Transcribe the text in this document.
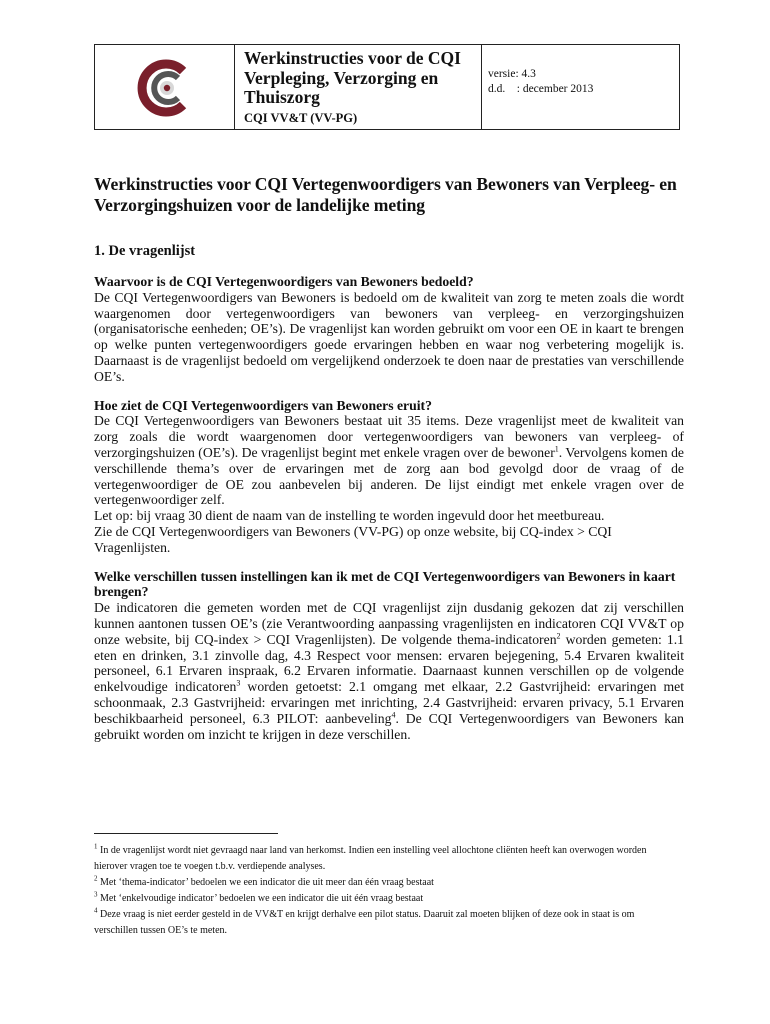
Werkinstructies voor de CQI Verpleging, Verzorging en Thuiszorg
CQI VV&T (VV-PG)
versie: 4.3
d.d.    : december 2013
Werkinstructies voor CQI Vertegenwoordigers van Bewoners van Verpleeg- en Verzorgingshuizen voor de landelijke meting
1. De vragenlijst

Waarvoor is de CQI Vertegenwoordigers van Bewoners bedoeld?

De CQI Vertegenwoordigers van Bewoners is bedoeld om de kwaliteit van zorg te meten zoals die wordt waargenomen door vertegenwoordigers van bewoners van verpleeg- en verzorgingshuizen (organisatorische eenheden; OE’s). De vragenlijst kan worden gebruikt om voor een OE in kaart te brengen op welke punten vertegenwoordigers goede ervaringen hebben en waar nog verbetering mogelijk is. Daarnaast is de vragenlijst bedoeld om vergelijkend onderzoek te doen naar de prestaties van verschillende OE’s.

Hoe ziet de CQI Vertegenwoordigers van Bewoners eruit?

De CQI Vertegenwoordigers van Bewoners bestaat uit 35 items. Deze vragenlijst meet de kwaliteit van zorg zoals die wordt waargenomen door vertegenwoordigers van bewoners van verpleeg- of verzorgingshuizen (OE’s). De vragenlijst begint met enkele vragen over de bewoner$^1$. Vervolgens komen de verschillende thema’s over de ervaringen met de zorg aan bod gevolgd door de vraag of de vertegenwoordiger de OE zou aanbevelen bij anderen. De lijst eindigt met enkele vragen over de vertegenwoordiger zelf.

Let op: bij vraag 30 dient de naam van de instelling te worden ingevuld door het meetbureau.

Zie de CQI Vertegenwoordigers van Bewoners (VV-PG) op onze website, bij CQ-index > CQI Vragenlijsten.

Welke verschillen tussen instellingen kan ik met de CQI Vertegenwoordigers van Bewoners in kaart brengen?

De indicatoren die gemeten worden met de CQI vragenlijst zijn dusdanig gekozen dat zij verschillen kunnen aantonen tussen OE’s (zie Verantwoording aanpassing vragenlijsten en indicatoren CQI VV&T op onze website, bij CQ-index > CQI Vragenlijsten). De volgende thema-indicatoren$^2$ worden gemeten: 1.1 eten en drinken, 3.1 zinvolle dag, 4.3 Respect voor mensen: ervaren bejegening, 5.4 Ervaren kwaliteit personeel, 6.1 Ervaren inspraak, 6.2 Ervaren informatie. Daarnaast kunnen verschillen op de volgende enkelvoudige indicatoren$^3$ worden getoetst: 2.1 omgang met elkaar, 2.2 Gastvrijheid: ervaringen met schoonmaak, 2.3 Gastvrijheid: ervaringen met inrichting, 2.4 Gastvrijheid: ervaren privacy, 5.1 Ervaren beschikbaarheid personeel, 6.3 PILOT: aanbeveling$^4$. De CQI Vertegenwoordigers van Bewoners kan gebruikt worden om inzicht te krijgen in deze verschillen.

$^1$ In de vragenlijst wordt niet gevraagd naar land van herkomst. Indien een instelling veel allochtone cliënten heeft kan overwogen worden hierover vragen toe te voegen t.b.v. verdiepende analyses.

$^2$ Met ‘thema-indicator’ bedoelen we een indicator die uit meer dan één vraag bestaat

$^3$ Met ‘enkelvoudige indicator’ bedoelen we een indicator die uit één vraag bestaat

$^4$ Deze vraag is niet eerder gesteld in de VV&T en krijgt derhalve een pilot status. Daaruit zal moeten blijken of deze ook in staat is om verschillen tussen OE’s te meten.
